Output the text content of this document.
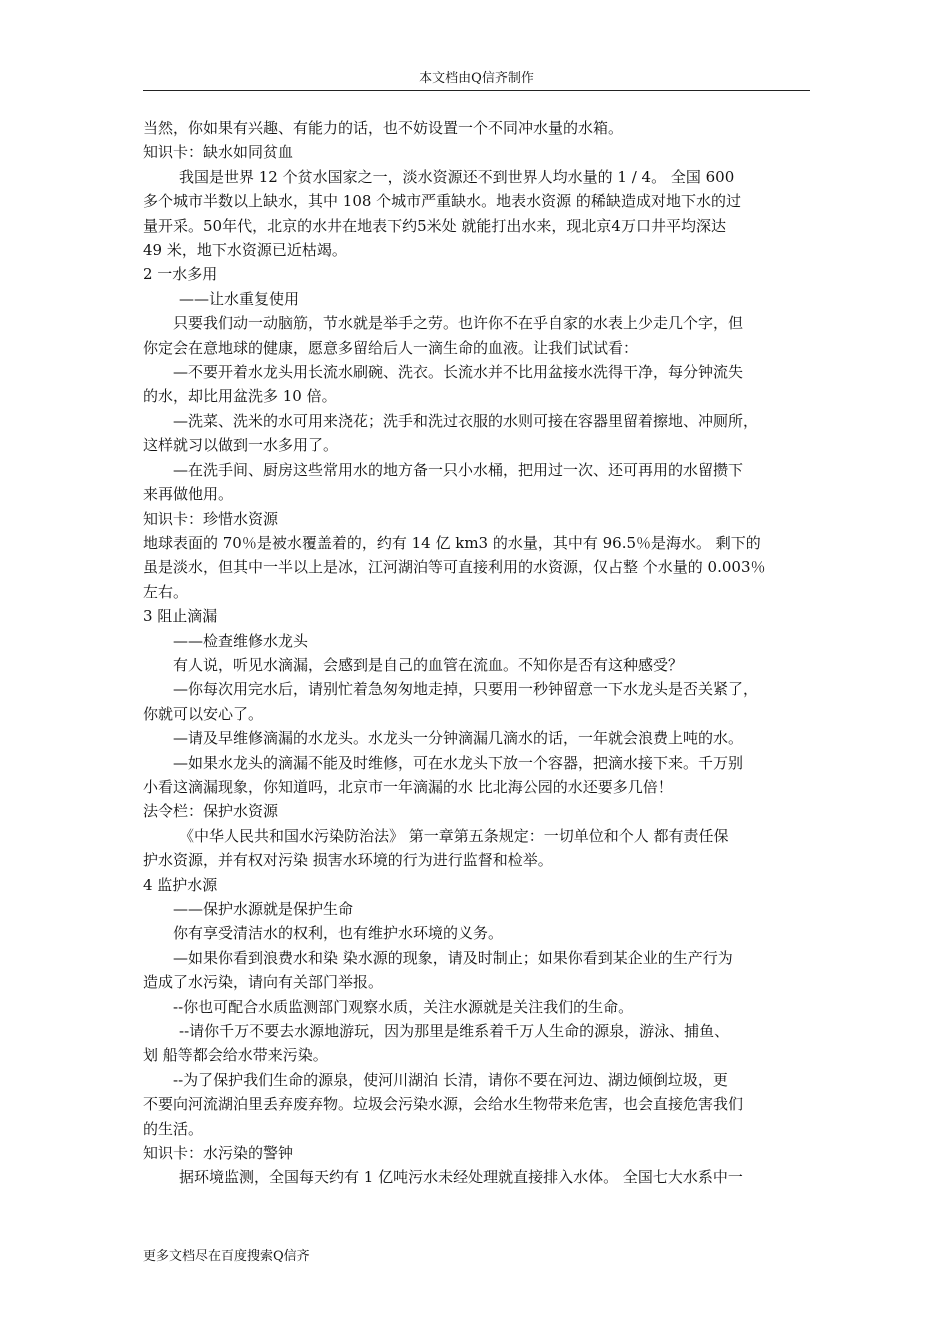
本文档由Q信齐制作

当然，你如果有兴趣、有能力的话，也不妨设置一个不同冲水量的水箱。

知识卡：缺水如同贫血

我国是世界 12 个贫水国家之一，淡水资源还不到世界人均水量的 1 / 4。 全国 600

多个城市半数以上缺水，其中 108 个城市严重缺水。地表水资源 的稀缺造成对地下水的过

量开采。50年代，北京的水井在地表下约5米处 就能打出水来，现北京4万口井平均深达

49 米，地下水资源已近枯竭。

2 一水多用

——让水重复使用

只要我们动一动脑筋，节水就是举手之劳。也许你不在乎自家的水表上少走几个字，但

你定会在意地球的健康，愿意多留给后人一滴生命的血液。让我们试试看：

—不要开着水龙头用长流水刷碗、洗衣。长流水并不比用盆接水洗得干净，每分钟流失

的水，却比用盆洗多 10 倍。

—洗菜、洗米的水可用来浇花；洗手和洗过衣服的水则可接在容器里留着擦地、冲厕所，

这样就习以做到一水多用了。

—在洗手间、厨房这些常用水的地方备一只小水桶，把用过一次、还可再用的水留攒下

来再做他用。

知识卡：珍惜水资源

地球表面的 70％是被水覆盖着的，约有 14 亿 km3 的水量，其中有 96.5％是海水。 剩下的

虽是淡水，但其中一半以上是冰，江河湖泊等可直接利用的水资源，仅占整 个水量的 0.003％

左右。

3 阻止滴漏

——检查维修水龙头

有人说，听见水滴漏，会感到是自己的血管在流血。不知你是否有这种感受？

—你每次用完水后，请别忙着急匆匆地走掉，只要用一秒钟留意一下水龙头是否关紧了，

你就可以安心了。

—请及早维修滴漏的水龙头。水龙头一分钟滴漏几滴水的话，一年就会浪费上吨的水。

—如果水龙头的滴漏不能及时维修，可在水龙头下放一个容器，把滴水接下来。千万别

小看这滴漏现象，你知道吗，北京市一年滴漏的水 比北海公园的水还要多几倍！

法令栏：保护水资源

《中华人民共和国水污染防治法》 第一章第五条规定：一切单位和个人 都有责任保

护水资源，并有权对污染 损害水环境的行为进行监督和检举。

4 监护水源

——保护水源就是保护生命

你有享受清洁水的权利，也有维护水环境的义务。

—如果你看到浪费水和染 染水源的现象，请及时制止；如果你看到某企业的生产行为

造成了水污染，请向有关部门举报。

--你也可配合水质监测部门观察水质，关注水源就是关注我们的生命。

--请你千万不要去水源地游玩，因为那里是维系着千万人生命的源泉，游泳、捕鱼、

划 船等都会给水带来污染。

--为了保护我们生命的源泉，使河川湖泊 长清，请你不要在河边、湖边倾倒垃圾，更

不要向河流湖泊里丢弃废弃物。垃圾会污染水源，会给水生物带来危害，也会直接危害我们

的生活。

知识卡：水污染的警钟

据环境监测，全国每天约有 1 亿吨污水未经处理就直接排入水体。 全国七大水系中一

更多文档尽在百度搜索Q信齐
